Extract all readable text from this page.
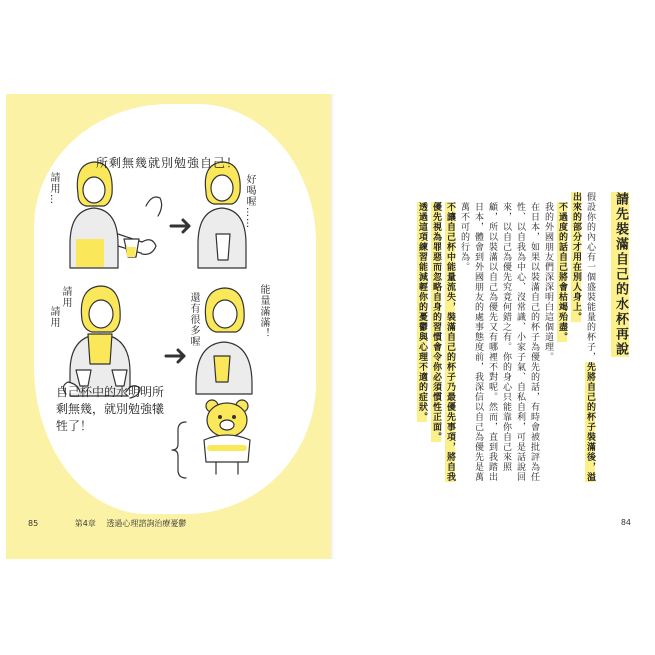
所剩無幾就別勉強自己！
請用…	好喝喔……
請用
請用	還有很多喔	能量滿滿！
自己杯中的水明明所剩無幾，就別勉強犧牲了！
85	第4章 透過心理諮詢治療憂鬱
請先裝滿自己的水杯再說

假設你的內心有一個盛裝能量的杯子，先將自己的杯子裝滿後，溢出來的部分才用在別人身上。

不過度的話自己將會枯竭殆盡。

我的外國朋友們深深明白這個道理。

在日本，如果以裝滿自己的杯子為優先的話，有時會被批評為任性、以自我為中心、沒常識、小家子氣、自私自利，可是話說回來，以自己為優先究竟何錯之有。你的身心只能靠你自己來照顧，所以裝滿以自己為優先又有哪裡不對呢。然而，直到我踏出日本，體會到外國朋友的處事態度前，我深信以自己為優先是萬萬不可的行為。

不讓自己杯中能量流失，裝滿自己的杯子乃最優先事項，將自我優先視為罪惡而忽略自身的習慣會令你必須慣性正面。

透過這項練習能減輕你的憂鬱與心理不適的症狀。

84
